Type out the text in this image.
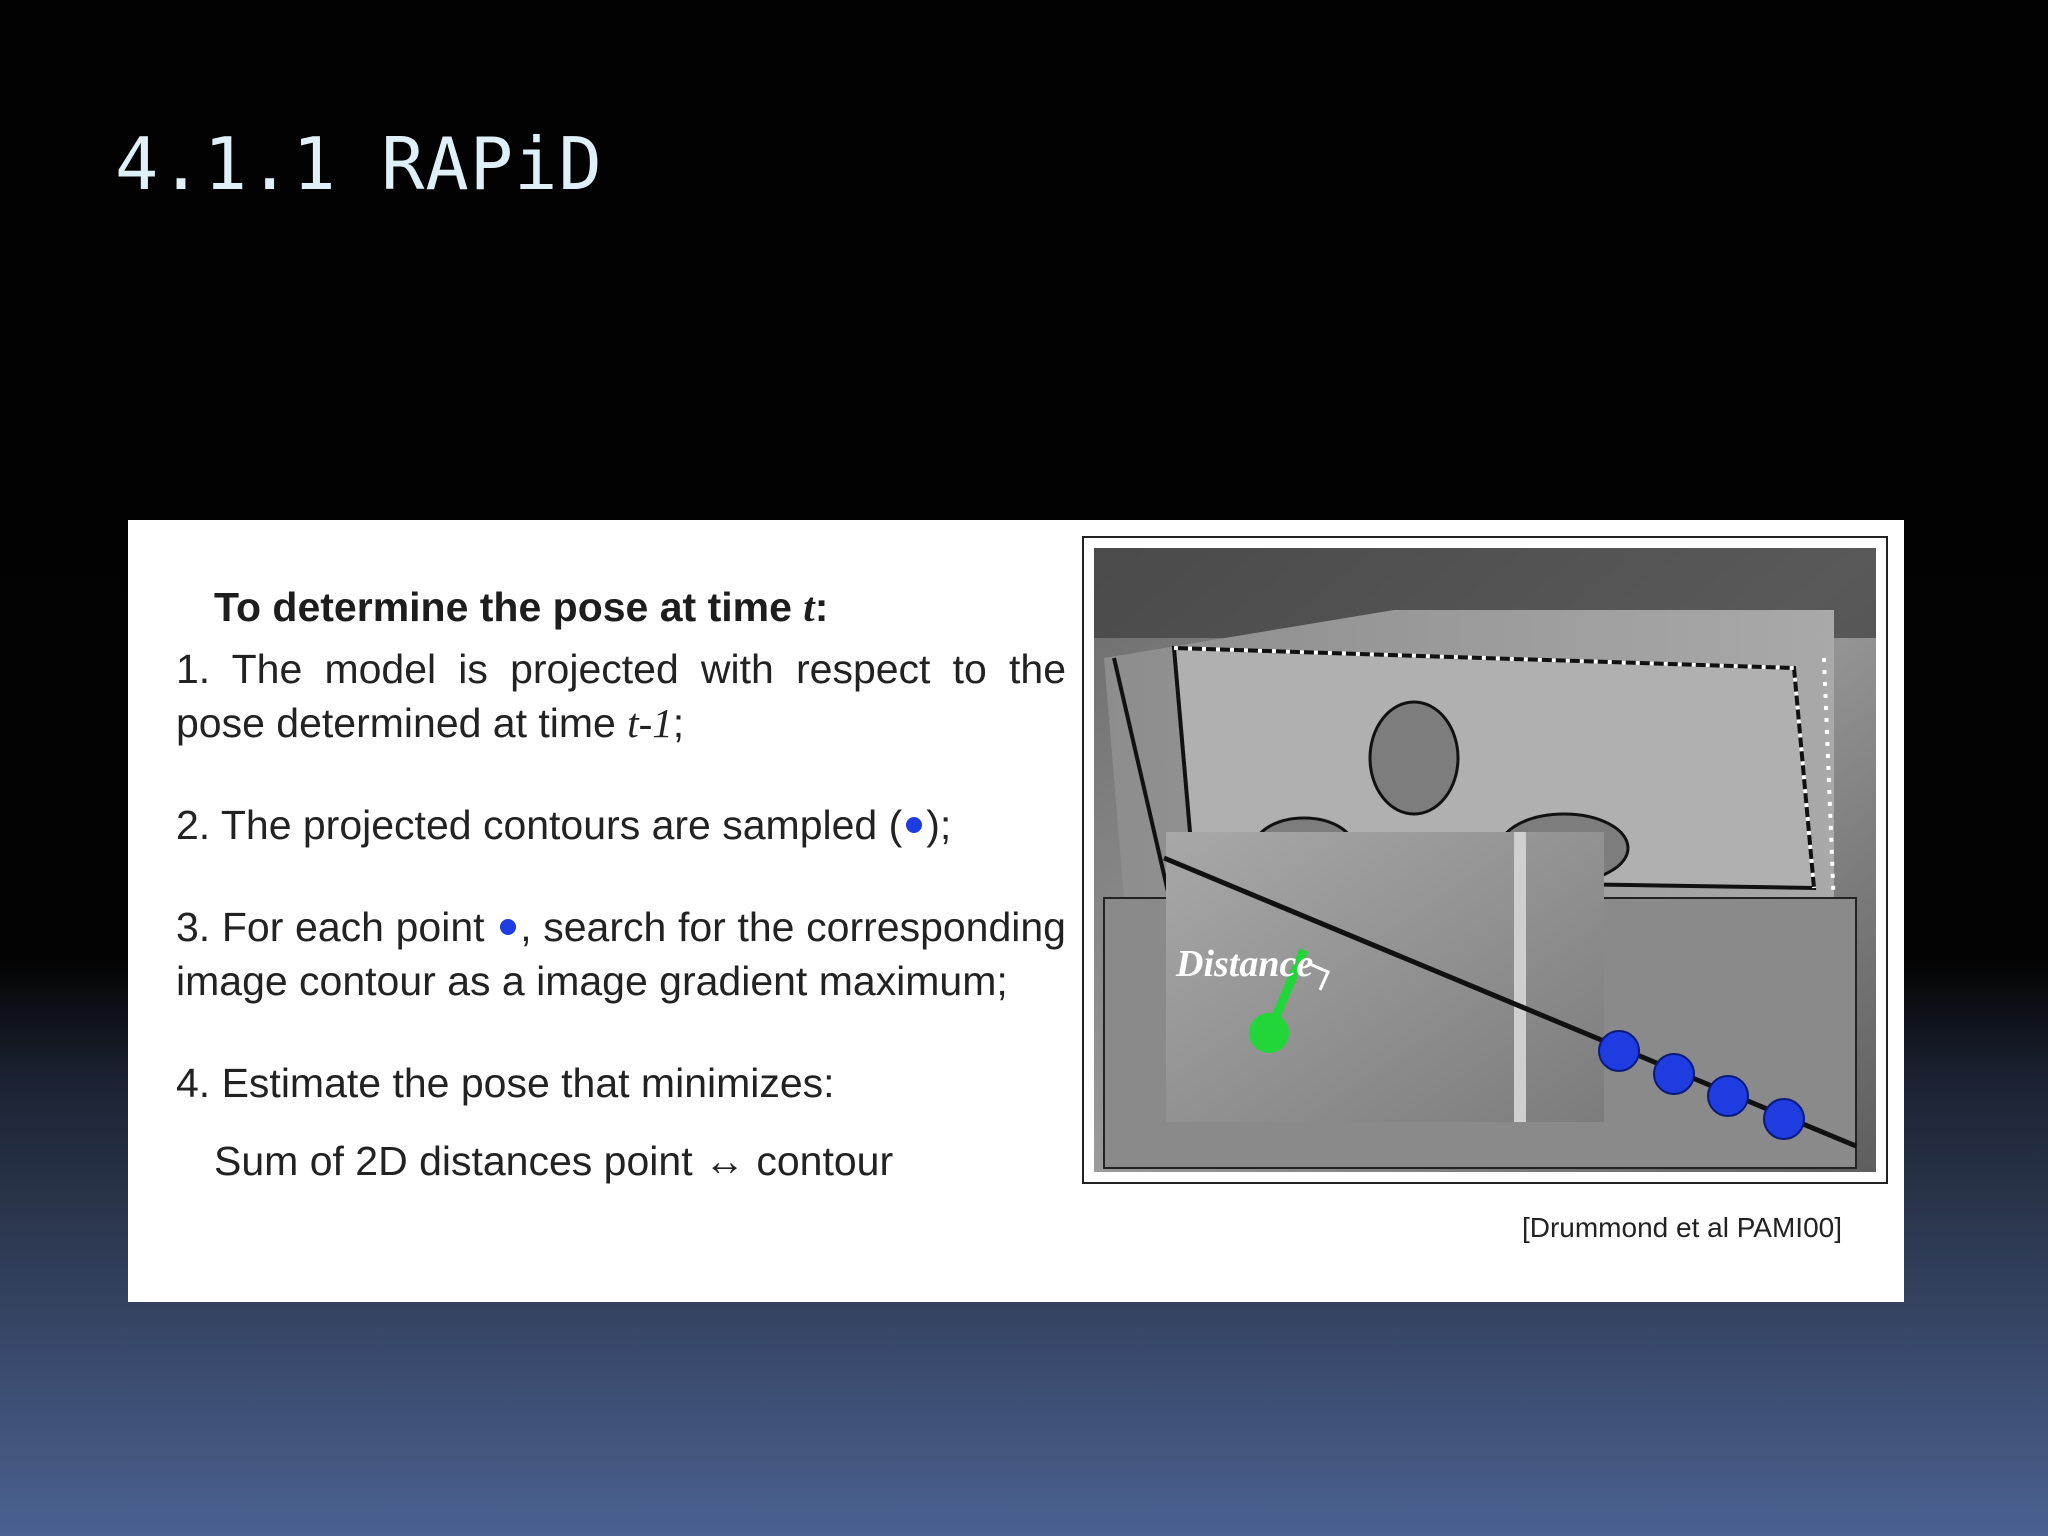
4.1.1 RAPiD
To determine the pose at time t:
1. The model is projected with respect to the pose determined at time t-1;
2. The projected contours are sampled ( );
3. For each point , search for the corresponding image contour as a image gradient maximum;
4. Estimate the pose that minimizes:
Sum of 2D distances point ↔ contour
Distance
[Drummond et al PAMI00]
